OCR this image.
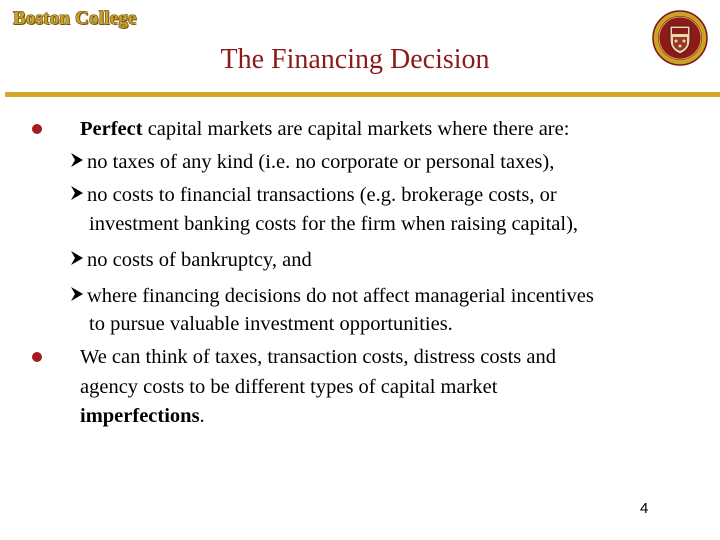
Boston College
The Financing Decision
Perfect capital markets are capital markets where there are:
no taxes of any kind (i.e. no corporate or personal taxes),
no costs to financial transactions (e.g. brokerage costs, or
investment banking costs for the firm when raising capital),
no costs of bankruptcy, and
where financing decisions do not affect managerial incentives
to pursue valuable investment opportunities.
We can think of taxes, transaction costs, distress costs and
agency costs to be different types of capital market
imperfections.
4
